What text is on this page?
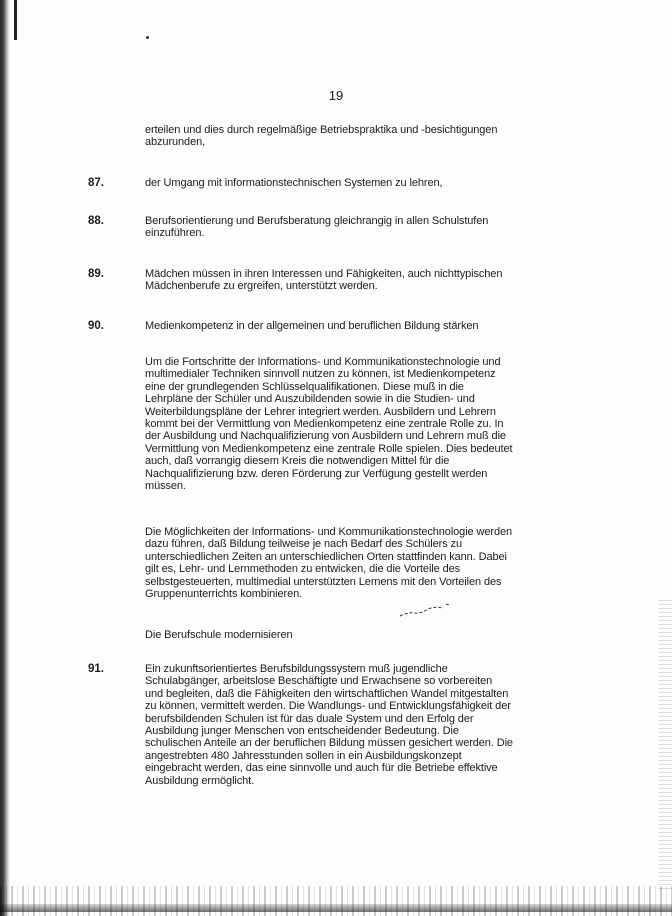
19

erteilen und dies durch regelmäßige Betriebspraktika und -besichtigungen abzurunden,

87.	der Umgang mit informationstechnischen Systemen zu lehren,

88.	Berufsorientierung und Berufsberatung gleichrangig in allen Schulstufen einzuführen.

89.	Mädchen müssen in ihren Interessen und Fähigkeiten, auch nichttypischen Mädchenberufe zu ergreifen, unterstützt werden.

90.	Medienkompetenz in der allgemeinen und beruflichen Bildung stärken

Um die Fortschritte der Informations- und Kommunikationstechnologie und multimedialer Techniken sinnvoll nutzen zu können, ist Medienkompetenz eine der grundlegenden Schlüsselqualifikationen. Diese muß in die Lehrpläne der Schüler und Auszubildenden sowie in die Studien- und Weiterbildungspläne der Lehrer integriert werden. Ausbildern und Lehrern kommt bei der Vermittlung von Medienkompetenz eine zentrale Rolle zu. In der Ausbildung und Nachqualifizierung von Ausbildern und Lehrern muß die Vermittlung von Medienkompetenz eine zentrale Rolle spielen. Dies bedeutet auch, daß vorrangig diesem Kreis die notwendigen Mittel für die Nachqualifizierung bzw. deren Förderung zur Verfügung gestellt werden müssen.

Die Möglichkeiten der Informations- und Kommunikationstechnologie werden dazu führen, daß Bildung teilweise je nach Bedarf des Schülers zu unterschiedlichen Zeiten an unterschiedlichen Orten stattfinden kann. Dabei gilt es, Lehr- und Lernmethoden zu entwicken, die die Vorteile des selbstgesteuerten, multimedial unterstützten Lernens mit den Vorteilen des Gruppenunterrichts kombinieren.

Die Berufschule modernisieren

91.	Ein zukunftsorientiertes Berufsbildungssystem muß jugendliche Schulabgänger, arbeitslose Beschäftigte und Erwachsene so vorbereiten und begleiten, daß die Fähigkeiten den wirtschaftlichen Wandel mitgestalten zu können, vermittelt werden. Die Wandlungs- und Entwicklungsfähigkeit der berufsbildenden Schulen ist für das duale System und den Erfolg der Ausbildung junger Menschen von entscheidender Bedeutung. Die schulischen Anteile an der beruflichen Bildung müssen gesichert werden. Die angestrebten 480 Jahresstunden sollen in ein Ausbildungskonzept eingebracht werden, das eine sinnvolle und auch für die Betriebe effektive Ausbildung ermöglicht.
